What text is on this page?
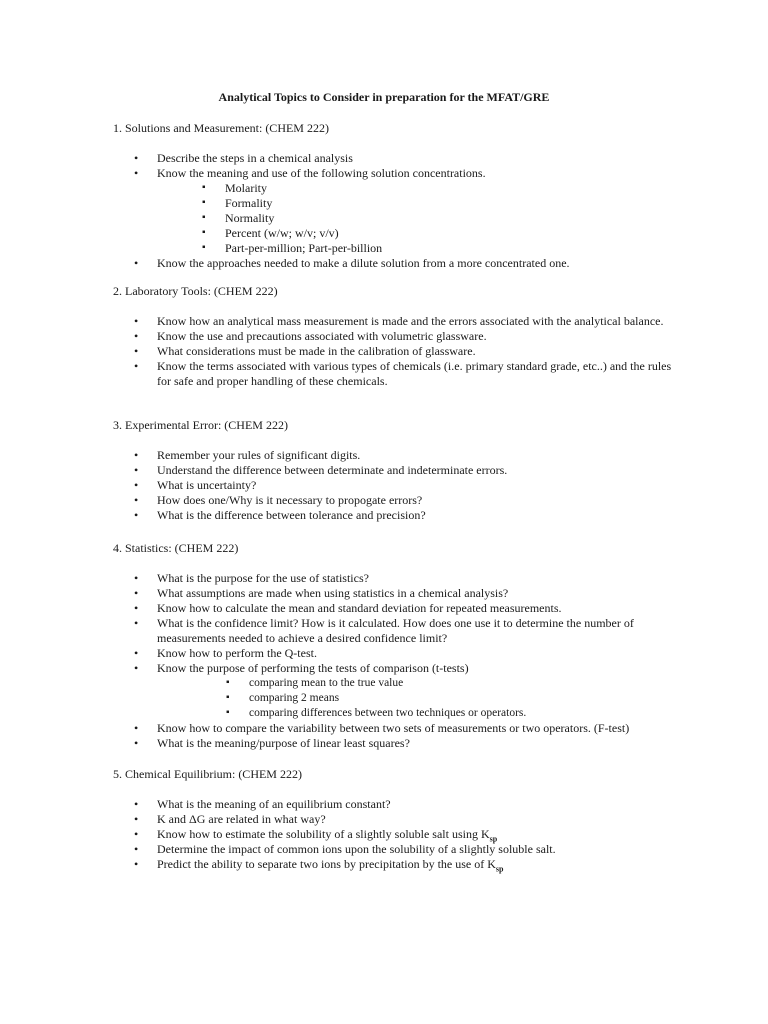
Analytical Topics to Consider in preparation for the MFAT/GRE

1. Solutions and Measurement: (CHEM 222)

• Describe the steps in a chemical analysis
• Know the meaning and use of the following solution concentrations.
▪ Molarity
▪ Formality
▪ Normality
▪ Percent (w/w; w/v; v/v)
▪ Part-per-million; Part-per-billion
• Know the approaches needed to make a dilute solution from a more concentrated one.

2. Laboratory Tools: (CHEM 222)

• Know how an analytical mass measurement is made and the errors associated with the analytical balance.
• Know the use and precautions associated with volumetric glassware.
• What considerations must be made in the calibration of glassware.
• Know the terms associated with various types of chemicals (i.e. primary standard grade, etc..) and the rules for safe and proper handling of these chemicals.

3. Experimental Error: (CHEM 222)

• Remember your rules of significant digits.
• Understand the difference between determinate and indeterminate errors.
• What is uncertainty?
• How does one/Why is it necessary to propogate errors?
• What is the difference between tolerance and precision?

4. Statistics: (CHEM 222)

• What is the purpose for the use of statistics?
• What assumptions are made when using statistics in a chemical analysis?
• Know how to calculate the mean and standard deviation for repeated measurements.
• What is the confidence limit? How is it calculated. How does one use it to determine the number of measurements needed to achieve a desired confidence limit?
• Know how to perform the Q-test.
• Know the purpose of performing the tests of comparison (t-tests)
▪ comparing mean to the true value
▪ comparing 2 means
▪ comparing differences between two techniques or operators.
• Know how to compare the variability between two sets of measurements or two operators. (F-test)
• What is the meaning/purpose of linear least squares?

5. Chemical Equilibrium: (CHEM 222)

• What is the meaning of an equilibrium constant?
• K and ΔG are related in what way?
• Know how to estimate the solubility of a slightly soluble salt using $K_{sp}$
• Determine the impact of common ions upon the solubility of a slightly soluble salt.
• Predict the ability to separate two ions by precipitation by the use of $K_{sp}$
